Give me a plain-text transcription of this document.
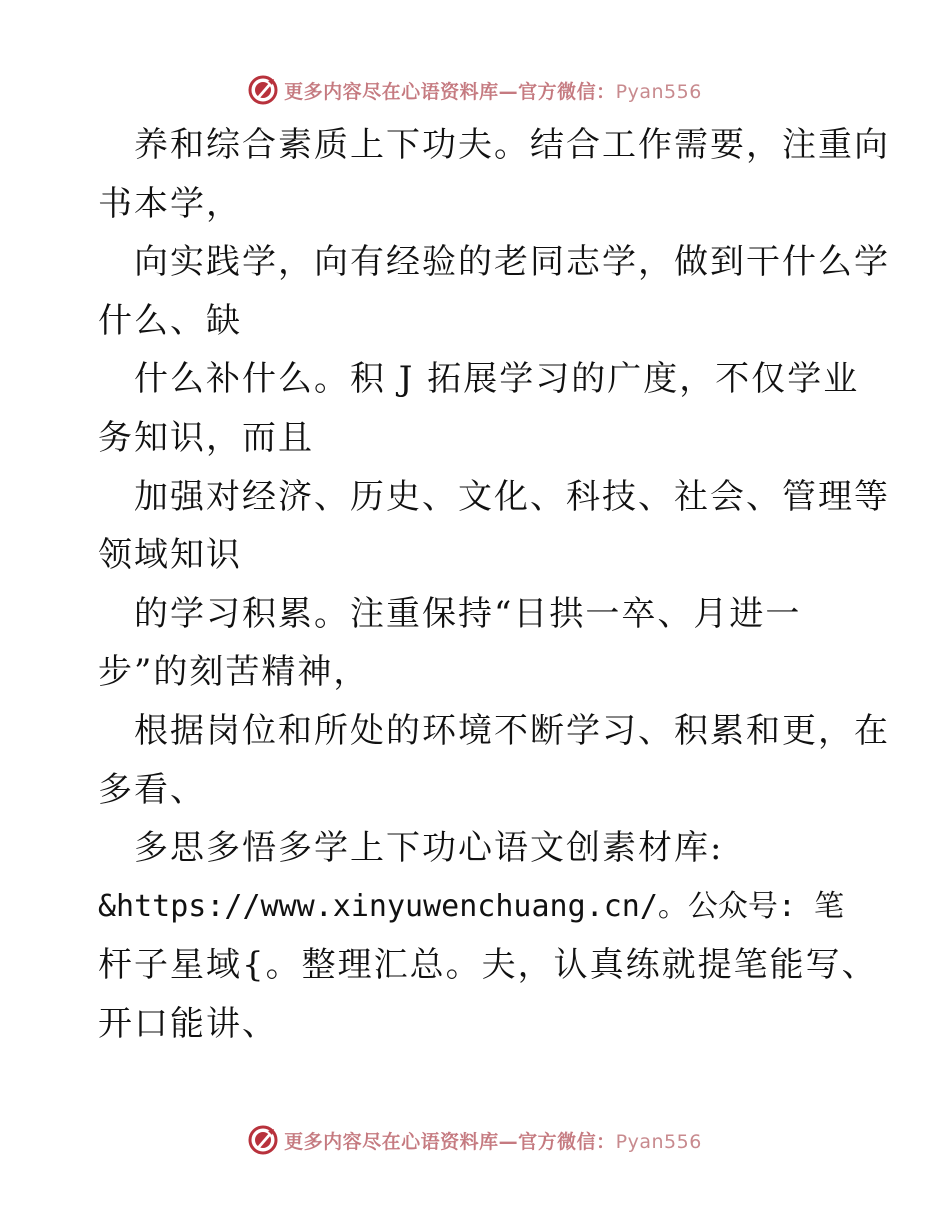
更多内容尽在心语资料库—官方微信：Pyan556
养和综合素质上下功夫。结合工作需要，注重向
书本学，
向实践学，向有经验的老同志学，做到干什么学
什么、缺
什么补什么。积 J 拓展学习的广度，不仅学业
务知识，而且
加强对经济、历史、文化、科技、社会、管理等
领域知识
的学习积累。注重保持“日拱一卒、月进一
步”的刻苦精神，
根据岗位和所处的环境不断学习、积累和更，在
多看、
多思多悟多学上下功心语文创素材库:
&https://www.xinyuwenchuang.cn/。公众号: 笔
杆子星域{。整理汇总。夫，认真练就提笔能写、
开口能讲、
更多内容尽在心语资料库—官方微信：Pyan556
